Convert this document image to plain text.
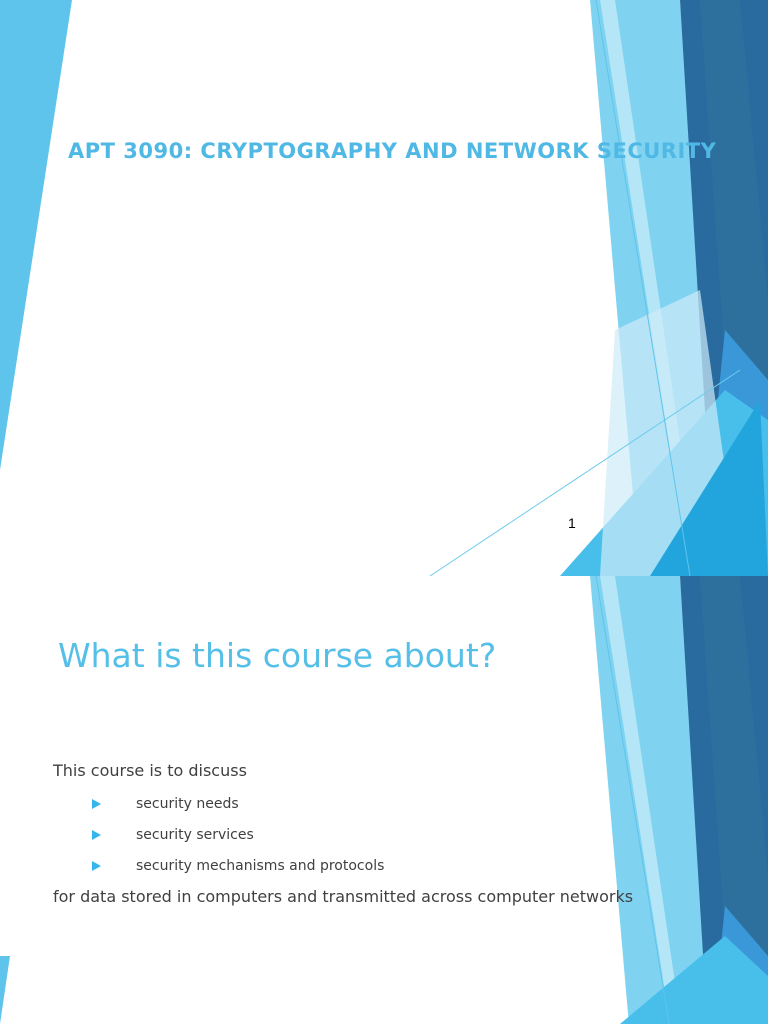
APT 3090: CRYPTOGRAPHY AND NETWORK SECURITY
1
What is this course about?
This course is to discuss
security needs
security services
security mechanisms and protocols
for data stored in computers and transmitted across computer networks
